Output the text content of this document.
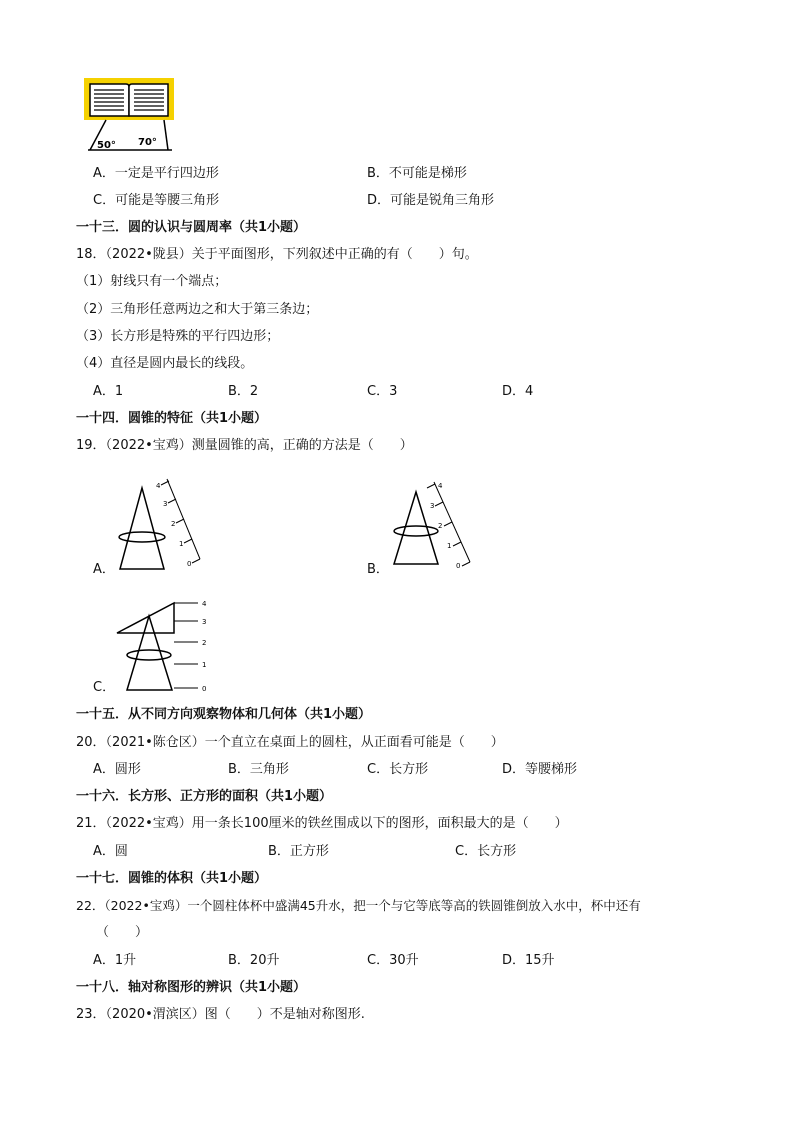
50° 70°
A．一定是平行四边形	B．不可能是梯形
C．可能是等腰三角形	D．可能是锐角三角形
一十三．圆的认识与圆周率（共1小题）
18．（2022•陇县）关于平面图形，下列叙述中正确的有（　　）句。
（1）射线只有一个端点；
（2）三角形任意两边之和大于第三条边；
（3）长方形是特殊的平行四边形；
（4）直径是圆内最长的线段。
A．1	B．2	C．3	D．4
一十四．圆锥的特征（共1小题）
19．（2022•宝鸡）测量圆锥的高，正确的方法是（　　）
0
1
2
3
4
A．	0
1
2
3
4
B．
0
1
2
3
4
C．
一十五．从不同方向观察物体和几何体（共1小题）
20．（2021•陈仓区）一个直立在桌面上的圆柱，从正面看可能是（　　）
A．圆形	B．三角形	C．长方形	D．等腰梯形
一十六．长方形、正方形的面积（共1小题）
21．（2022•宝鸡）用一条长100厘米的铁丝围成以下的图形，面积最大的是（　　）
A．圆	B．正方形	C．长方形
一十七．圆锥的体积（共1小题）
22．（2022•宝鸡）一个圆柱体杯中盛满45升水，把一个与它等底等高的铁圆锥倒放入水中，杯中还有
（　　）
A．1升	B．20升	C．30升	D．15升
一十八．轴对称图形的辨识（共1小题）
23．（2020•渭滨区）图（　　）不是轴对称图形.
